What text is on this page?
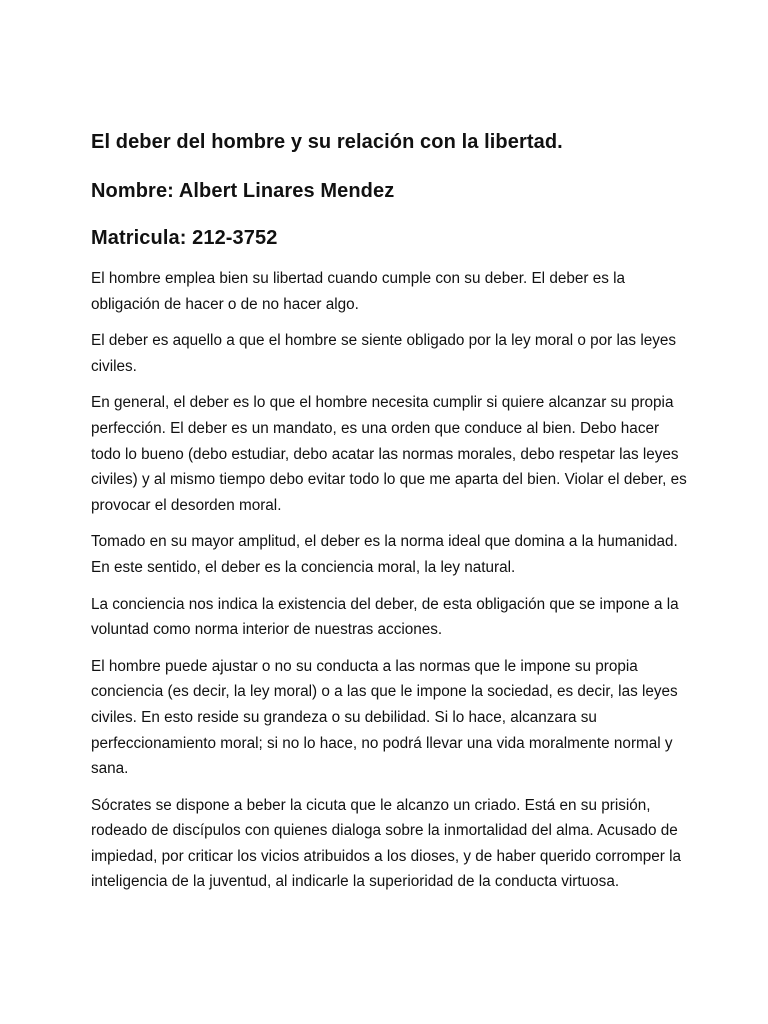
El deber del hombre y su relación con la libertad.
Nombre: Albert Linares Mendez
Matricula: 212-3752

El hombre emplea bien su libertad cuando cumple con su deber. El deber es la obligación de hacer o de no hacer algo.

El deber es aquello a que el hombre se siente obligado por la ley moral o por las leyes civiles.

En general, el deber es lo que el hombre necesita cumplir si quiere alcanzar su propia perfección. El deber es un mandato, es una orden que conduce al bien. Debo hacer todo lo bueno (debo estudiar, debo acatar las normas morales, debo respetar las leyes civiles) y al mismo tiempo debo evitar todo lo que me aparta del bien. Violar el deber, es provocar el desorden moral.

Tomado en su mayor amplitud, el deber es la norma ideal que domina a la humanidad. En este sentido, el deber es la conciencia moral, la ley natural.

La conciencia nos indica la existencia del deber, de esta obligación que se impone a la voluntad como norma interior de nuestras acciones.

El hombre puede ajustar o no su conducta a las normas que le impone su propia conciencia (es decir, la ley moral) o a las que le impone la sociedad, es decir, las leyes civiles. En esto reside su grandeza o su debilidad. Si lo hace, alcanzara su perfeccionamiento moral; si no lo hace, no podrá llevar una vida moralmente normal y sana.

Sócrates se dispone a beber la cicuta que le alcanzo un criado. Está en su prisión, rodeado de discípulos con quienes dialoga sobre la inmortalidad del alma. Acusado de impiedad, por criticar los vicios atribuidos a los dioses, y de haber querido corromper la inteligencia de la juventud, al indicarle la superioridad de la conducta virtuosa.
